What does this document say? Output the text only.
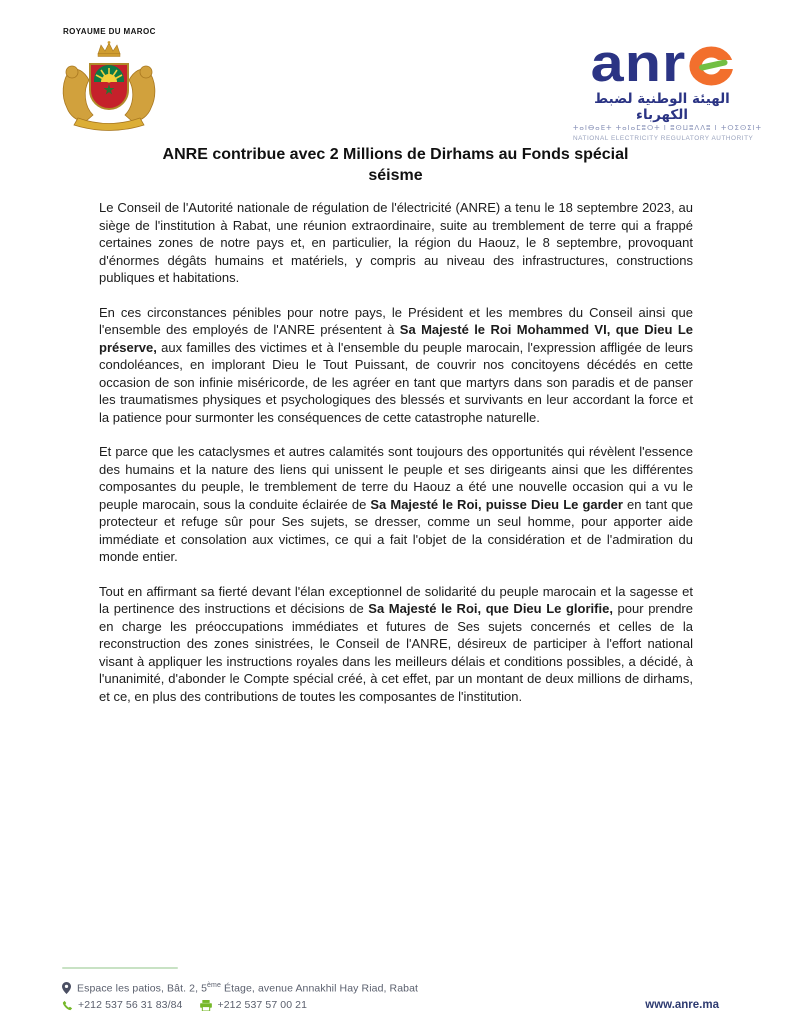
ROYAUME DU MAROC
anr
الهيئة الوطنية لضبط الكهرباء
ⵜⴰⵏⴱⴰⴹⵜ ⵜⴰⵏⴰⵎⵓⵔⵜ ⵏ ⵓⵙⵡⵓⴷⴷⵓ ⵏ ⵜⵔⵉⵙⵉⵏⵜ
NATIONAL ELECTRICITY REGULATORY AUTHORITY
ANRE contribue avec 2 Millions de Dirhams au Fonds spécial
séisme

Le Conseil de l'Autorité nationale de régulation de l'électricité (ANRE) a tenu le 18 septembre 2023, au siège de l'institution à Rabat, une réunion extraordinaire, suite au tremblement de terre qui a frappé certaines zones de notre pays et, en particulier, la région du Haouz, le 8 septembre, provoquant d'énormes dégâts humains et matériels, y compris au niveau des infrastructures, constructions publiques et habitations.

En ces circonstances pénibles pour notre pays, le Président et les membres du Conseil ainsi que l'ensemble des employés de l'ANRE présentent à Sa Majesté le Roi Mohammed VI, que Dieu Le préserve, aux familles des victimes et à l'ensemble du peuple marocain, l'expression affligée de leurs condoléances, en implorant Dieu le Tout Puissant, de couvrir nos concitoyens décédés en cette occasion de son infinie miséricorde, de les agréer en tant que martyrs dans son paradis et de panser les traumatismes physiques et psychologiques des blessés et survivants en leur accordant la force et la patience pour surmonter les conséquences de cette catastrophe naturelle.

Et parce que les cataclysmes et autres calamités sont toujours des opportunités qui révèlent l'essence des humains et la nature des liens qui unissent le peuple et ses dirigeants ainsi que les différentes composantes du peuple, le tremblement de terre du Haouz a été une nouvelle occasion qui a vu le peuple marocain, sous la conduite éclairée de Sa Majesté le Roi, puisse Dieu Le garder en tant que protecteur et refuge sûr pour Ses sujets, se dresser, comme un seul homme, pour apporter aide immédiate et consolation aux victimes, ce qui a fait l'objet de la considération et de l'admiration du monde entier.

Tout en affirmant sa fierté devant l'élan exceptionnel de solidarité du peuple marocain et la sagesse et la pertinence des instructions et décisions de Sa Majesté le Roi, que Dieu Le glorifie, pour prendre en charge les préoccupations immédiates et futures de Ses sujets concernés et celles de la reconstruction des zones sinistrées, le Conseil de l'ANRE, désireux de participer à l'effort national visant à appliquer les instructions royales dans les meilleurs délais et conditions possibles, a décidé, à l'unanimité, d'abonder le Compte spécial créé, à cet effet, par un montant de deux millions de dirhams, et ce, en plus des contributions de toutes les composantes de l'institution.

Espace les patios, Bât. 2, 5ème Étage, avenue Annakhil Hay Riad, Rabat
+212 537 56 31 83/84	+212 537 57 00 21	www.anre.ma
